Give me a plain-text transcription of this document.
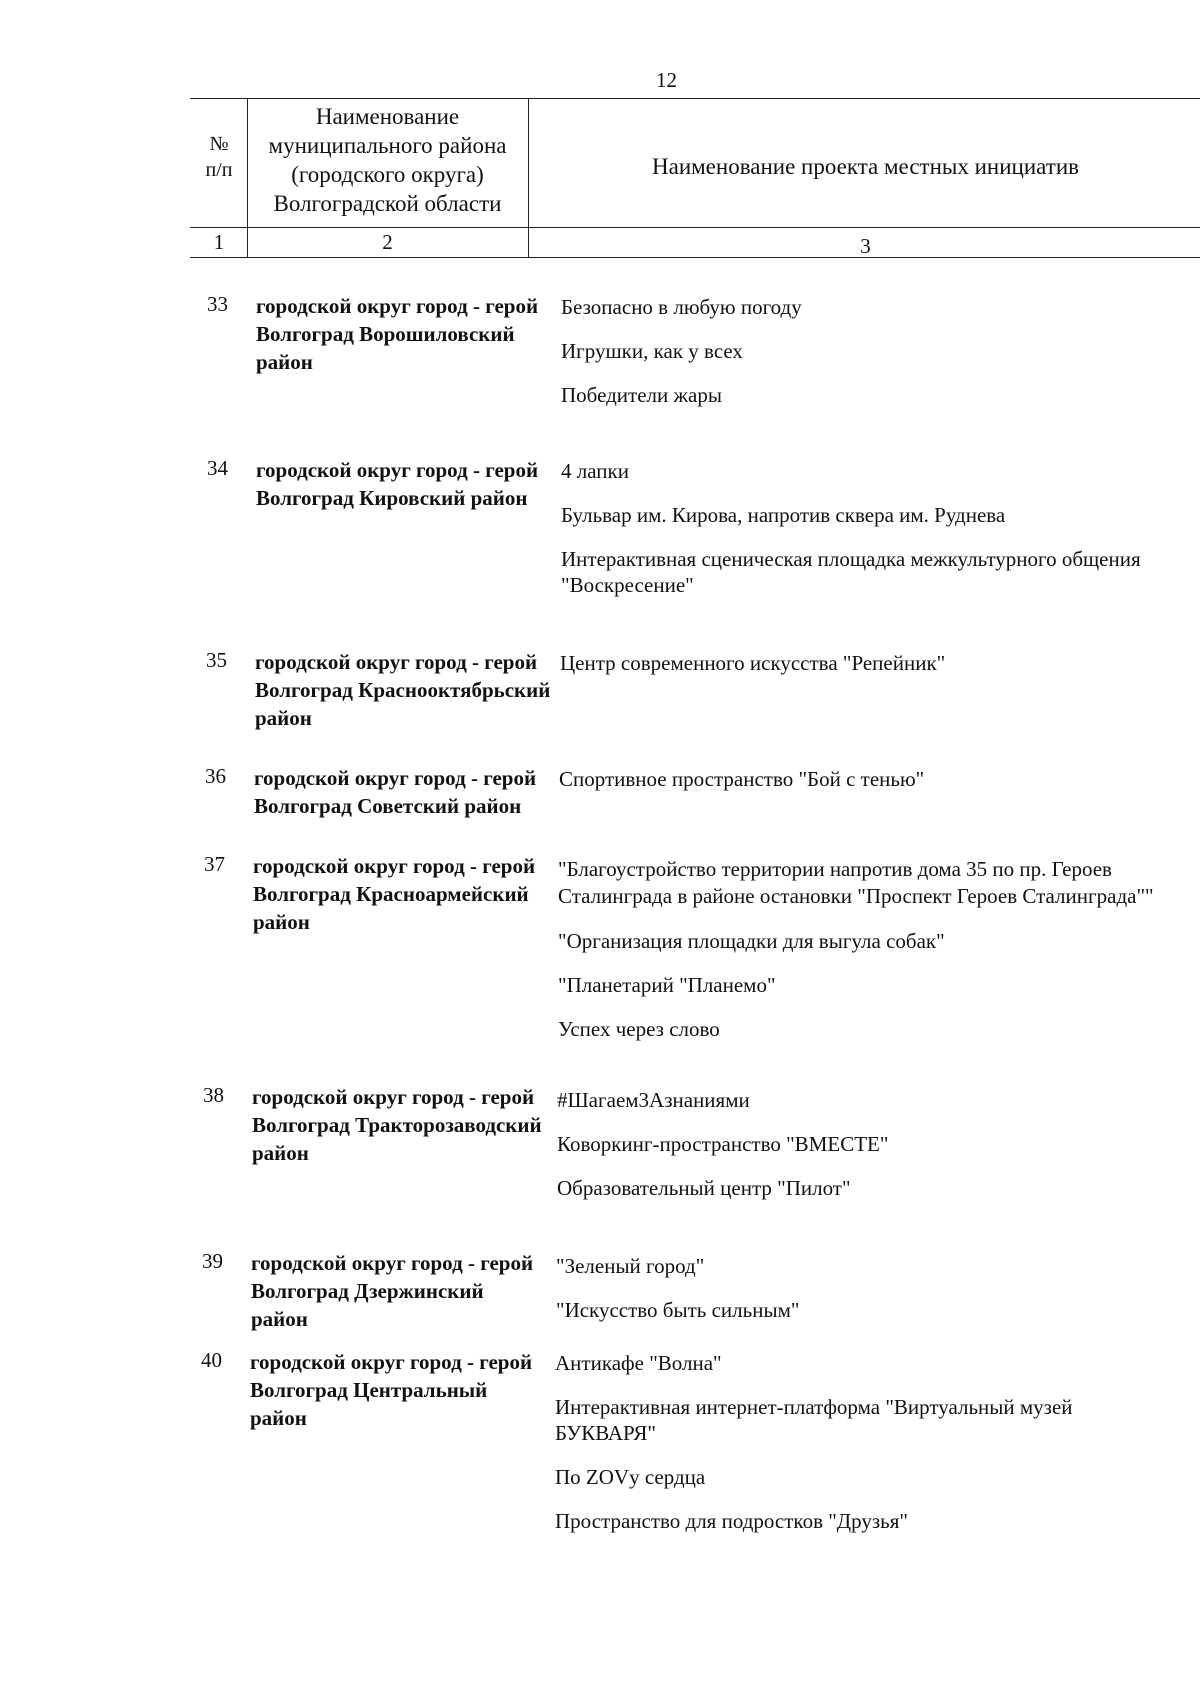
12
№
п/п
Наименование муниципального района (городского округа) Волгоградской области
Наименование проекта местных инициатив
1	2	3
33 городской округ город - герой Волгоград Ворошиловский район
Безопасно в любую погоду
Игрушки, как у всех
Победители жары
34 городской округ город - герой Волгоград Кировский район
4 лапки
Бульвар им. Кирова, напротив сквера им. Руднева
Интерактивная сценическая площадка межкультурного общения "Воскресение"
35 городской округ город - герой Волгоград Краснооктябрьский район
Центр современного искусства "Репейник"
36 городской округ город - герой Волгоград Советский район
Спортивное пространство "Бой с тенью"
37 городской округ город - герой Волгоград Красноармейский район
"Благоустройство территории напротив дома 35 по пр. Героев Сталинграда в районе остановки "Проспект Героев Сталинграда""
"Организация площадки для выгула собак"
"Планетарий "Планемо"
Успех через слово
38 городской округ город - герой Волгоград Тракторозаводский район
#Шагаем3Азнаниями
Коворкинг-пространство "ВМЕСТЕ"
Образовательный центр "Пилот"
39 городской округ город - герой Волгоград Дзержинский район
"Зеленый город"
"Искусство быть сильным"
40 городской округ город - герой Волгоград Центральный район
Антикафе "Волна"
Интерактивная интернет-платформа "Виртуальный музей БУКВАРЯ"
По ZOVу сердца
Пространство для подростков "Друзья"
